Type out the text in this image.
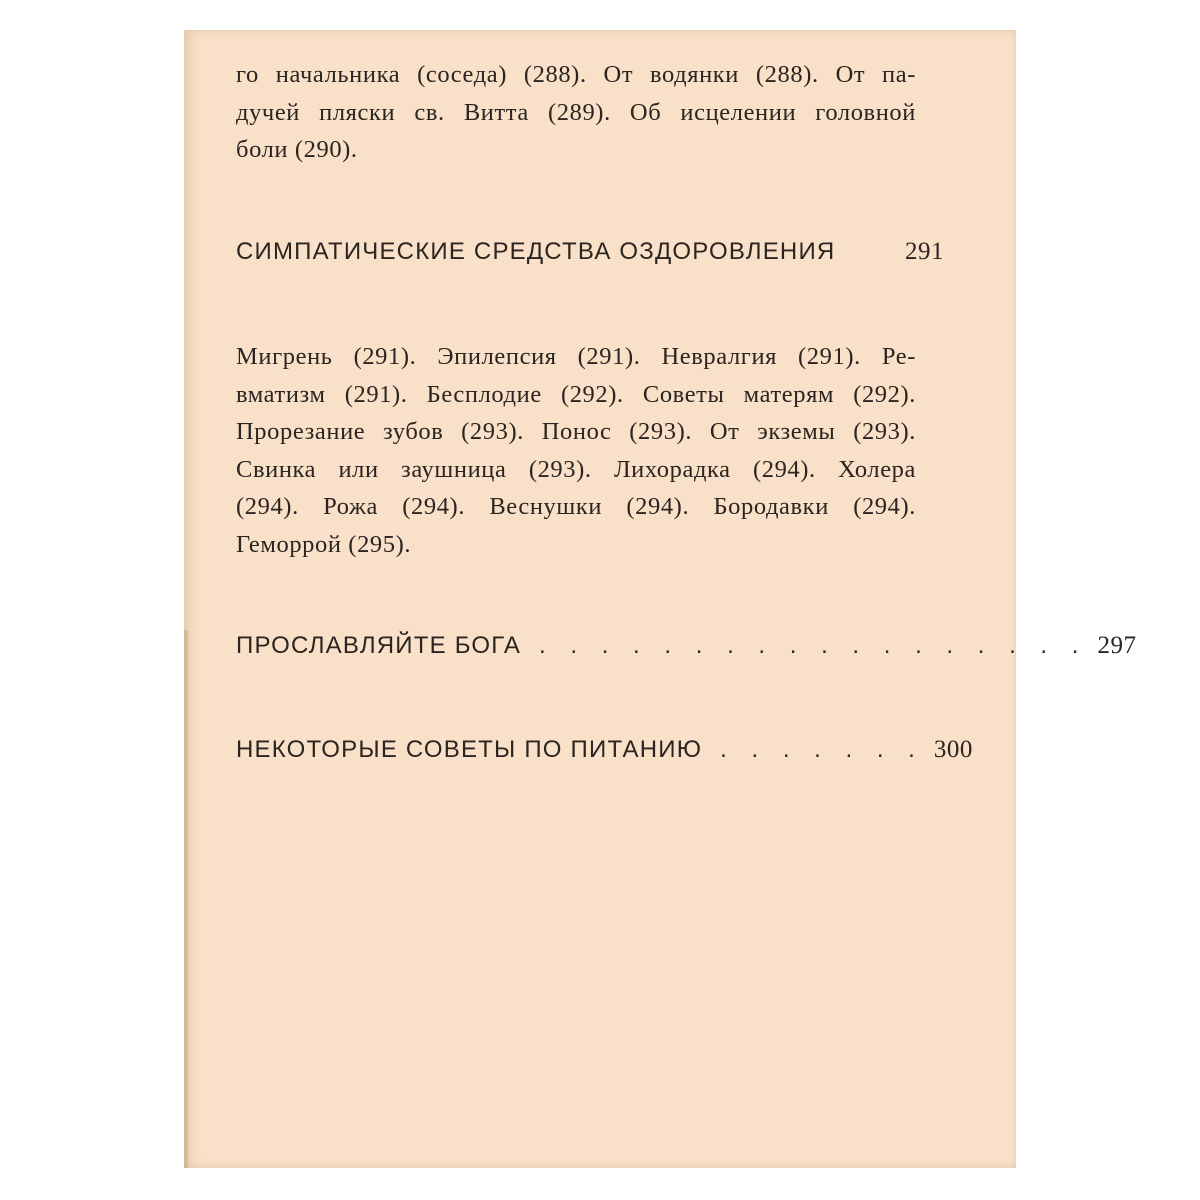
го начальника (соседа) (288). От водянки (288). От па-
дучей пляски св. Витта (289). Об исцелении головной
боли (290).
СИМПАТИЧЕСКИЕ СРЕДСТВА ОЗДОРОВЛЕНИЯ	291
Мигрень (291). Эпилепсия (291). Невралгия (291). Ре-
вматизм (291). Бесплодие (292). Советы матерям (292).
Прорезание зубов (293). Понос (293). От экземы (293).
Свинка или заушница (293). Лихорадка (294). Холера
(294). Рожа (294). Веснушки (294). Бородавки (294).
Геморрой (295).
ПРОСЛАВЛЯЙТЕ БОГА . . . . . . . . . . . . . . . . . . 297
НЕКОТОРЫЕ СОВЕТЫ ПО ПИТАНИЮ . . . . . . . 300
